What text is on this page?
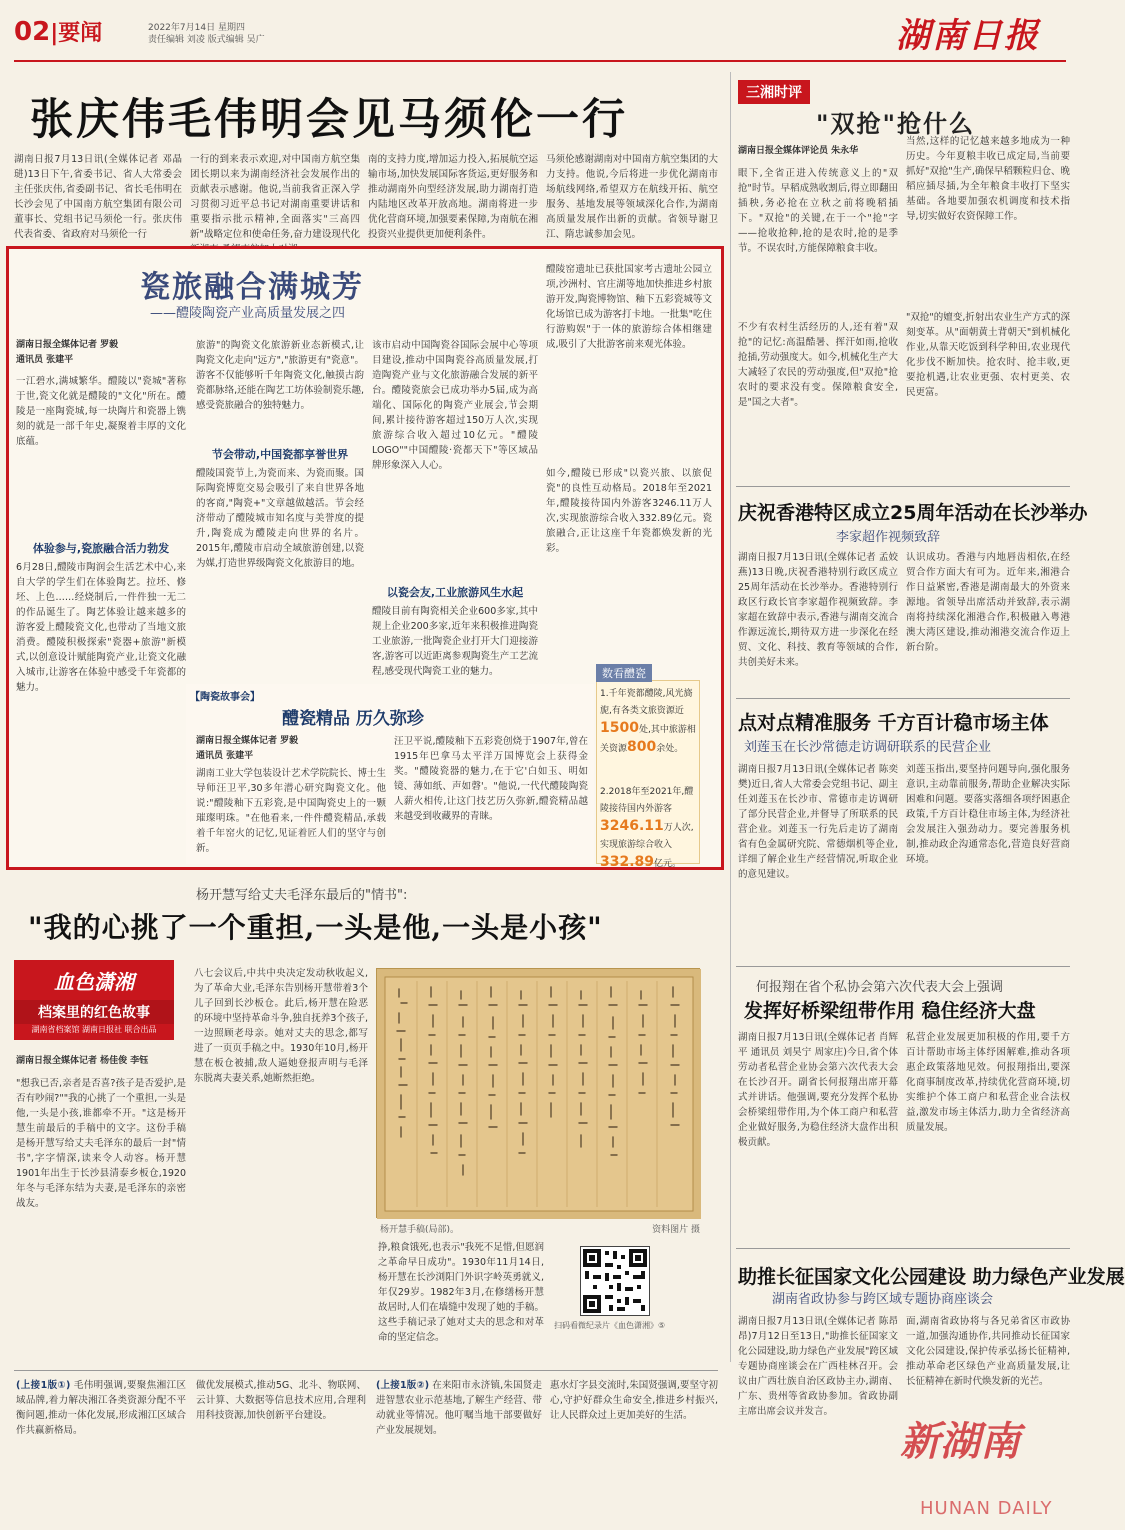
02|要闻	2022年7月14日 星期四
责任编辑 刘凌 版式编辑 吴广	湖南日报
张庆伟毛伟明会见马须伦一行
湖南日报7月13日讯(全媒体记者 邓晶琎)13日下午,省委书记、省人大常委会主任张庆伟,省委副书记、省长毛伟明在长沙会见了中国南方航空集团有限公司董事长、党组书记马须伦一行。张庆伟代表省委、省政府对马须伦一行
一行的到来表示欢迎,对中国南方航空集团长期以来为湖南经济社会发展作出的贡献表示感谢。他说,当前我省正深入学习贯彻习近平总书记对湖南重要讲话和重要指示批示精神,全面落实"三高四新"战略定位和使命任务,奋力建设现代化
南的支持力度,增加运力投入,拓展航空运输市场,加快发展国际客货运,更好服务和推动湖南外向型经济发展,助力湖南打造内陆地区改革开放高地。湖南将进一步优化营商环境,加强要素保障,为南航在湘投资兴业提供更加便利条件。
马须伦感谢湖南对中国南方航空集团的大力支持。他说,今后将进一步优化湖南市场航线网络,希望双方在航线开拓、航空服务、基地发展等领域深化合作,为湖南高质量发展作出新的贡献。省领导谢卫江、隋忠诚参加会见。
瓷旅融合满城芳
——醴陵陶瓷产业高质量发展之四
湖南日报全媒体记者 罗毅
通讯员 张建平
一江碧水,满城繁华。醴陵以"瓷城"著称于世,瓷文化就是醴陵的"文化"所在。醴陵是一座陶瓷城,每一块陶片和瓷器上镌刻的就是一部千年史,凝聚着丰厚的文化底蕴。
体验参与,瓷旅融合活力勃发
6月28日,醴陵市陶润会生活艺术中心,来自大学的学生们在体验陶艺。拉坯、修坯、上色……经烧制后,一件件独一无二的作品诞生了。陶艺体验让越来越多的游客爱上醴陵瓷文化,也带动了当地文旅消费。醴陵积极探索"瓷器+旅游"新模式,以创意设计赋能陶瓷产业,让瓷文化融入城市,让游客在体验中感受千年瓷都的魅力。
旅游"的陶瓷文化旅游新业态新模式,让陶瓷文化走向"远方","旅游更有"瓷意"。游客不仅能够听千年陶瓷文化,触摸古韵瓷都脉络,还能在陶艺工坊体验制瓷乐趣,感受瓷旅融合的独特魅力。
节会带动,中国瓷都享誉世界
醴陵国瓷节上,为瓷而来、为瓷而聚。国际陶瓷博览交易会吸引了来自世界各地的客商,"陶瓷+"文章越做越活。节会经济带动了醴陵城市知名度与美誉度的提升,陶瓷成为醴陵走向世界的名片。2015年,醴陵市启动全域旅游创建,以瓷为媒,打造世界级陶瓷文化旅游目的地。
该市启动中国陶瓷谷国际会展中心等项目建设,推动中国陶瓷谷高质量发展,打造陶瓷产业与文化旅游融合发展的新平台。醴陵瓷旅会已成功举办5届,成为高端化、国际化的陶瓷产业展会,节会期间,累计接待游客超过150万人次,实现旅游综合收入超过10亿元。"醴陵LOGO""中国醴陵·瓷都天下"等区域品牌形象深入人心。
以瓷会友,工业旅游风生水起
醴陵目前有陶瓷相关企业600多家,其中规上企业200多家,近年来积极推进陶瓷工业旅游,一批陶瓷企业打开大门迎接游客,游客可以近距离参观陶瓷生产工艺流程,感受现代陶瓷工业的魅力。
醴陵窑遗址已获批国家考古遗址公园立项,沙洲村、官庄湖等地加快推进乡村旅游开发,陶瓷博物馆、釉下五彩瓷城等文化场馆已成为游客打卡地。一批集"吃住行游购娱"于一体的旅游综合体相继建成,吸引了大批游客前来观光体验。
如今,醴陵已形成"以瓷兴旅、以旅促瓷"的良性互动格局。2018年至2021年,醴陵接待国内外游客3246.11万人次,实现旅游综合收入332.89亿元。瓷旅融合,正让这座千年瓷都焕发新的光彩。
【陶瓷故事会】
醴瓷精品 历久弥珍
湖南日报全媒体记者 罗毅
通讯员 张建平
湖南工业大学包装设计艺术学院院长、博士生导师汪卫平,30多年潜心研究陶瓷文化。他说:"醴陵釉下五彩瓷,是中国陶瓷史上的一颗璀璨明珠。"在他看来,一件件醴瓷精品,承载着千年窑火的记忆,见证着匠人们的坚守与创新。
汪卫平说,醴陵釉下五彩瓷创烧于1907年,曾在1915年巴拿马太平洋万国博览会上获得金奖。"醴陵瓷器的魅力,在于它'白如玉、明如镜、薄如纸、声如磬'。"他说,一代代醴陵陶瓷人薪火相传,让这门技艺历久弥新,醴瓷精品越来越受到收藏界的青睐。
数看醴瓷
1.千年瓷都醴陵,风光旖旎,有各类文旅资源近1500处,其中旅游相关资源800余处。
2.2018年至2021年,醴陵接待国内外游客3246.11万人次,实现旅游综合收入332.89亿元。
三湘时评
"双抢"抢什么
湖南日报全媒体评论员 朱永华
眼下,全省正进入传统意义上的"双抢"时节。早稻成熟收割后,得立即翻田插秧,务必抢在立秋之前将晚稻插下。"双抢"的关键,在于一个"抢"字——抢收抢种,抢的是农时,抢的是季节。不误农时,方能保障粮食丰收。
不少有农村生活经历的人,还有着"双抢"的记忆:高温酷暑、挥汗如雨,抢收抢插,劳动强度大。如今,机械化生产大大减轻了农民的劳动强度,但"双抢"抢农时的要求没有变。保障粮食安全,是"国之大者"。
当然,这样的记忆越来越多地成为一种历史。今年夏粮丰收已成定局,当前要抓好"双抢"生产,确保早稻颗粒归仓、晚稻应插尽插,为全年粮食丰收打下坚实基础。各地要加强农机调度和技术指导,切实做好农资保障工作。
"双抢"的嬗变,折射出农业生产方式的深刻变革。从"面朝黄土背朝天"到机械化作业,从靠天吃饭到科学种田,农业现代化步伐不断加快。抢农时、抢丰收,更要抢机遇,让农业更强、农村更美、农民更富。
庆祝香港特区成立25周年活动在长沙举办
李家超作视频致辞
湖南日报7月13日讯(全媒体记者 孟姣燕)13日晚,庆祝香港特别行政区成立25周年活动在长沙举办。香港特别行政区行政长官李家超作视频致辞。李家超在致辞中表示,香港与湖南交流合作源远流长,期待双方进一步深化在经贸、文化、科技、教育等领域的合作,共创美好未来。
认识成功。香港与内地唇齿相依,在经贸合作方面大有可为。近年来,湘港合作日益紧密,香港是湖南最大的外资来源地。省领导出席活动并致辞,表示湖南将持续深化湘港合作,积极融入粤港澳大湾区建设,推动湘港交流合作迈上新台阶。
点对点精准服务 千方百计稳市场主体
刘莲玉在长沙常德走访调研联系的民营企业
湖南日报7月13日讯(全媒体记者 陈奕樊)近日,省人大常委会党组书记、副主任刘莲玉在长沙市、常德市走访调研了部分民营企业,并督导了所联系的民营企业。刘莲玉一行先后走访了湖南省有色金属研究院、常德烟机等企业,详细了解企业生产经营情况,听取企业的意见建议。
刘莲玉指出,要坚持问题导向,强化服务意识,主动靠前服务,帮助企业解决实际困难和问题。要落实落细各项纾困惠企政策,千方百计稳住市场主体,为经济社会发展注入强劲动力。要完善服务机制,推动政企沟通常态化,营造良好营商环境。
何报翔在省个私协会第六次代表大会上强调
发挥好桥梁纽带作用 稳住经济大盘
湖南日报7月13日讯(全媒体记者 肖辉平 通讯员 刘昊宁 周家庄)今日,省个体劳动者私营企业协会第六次代表大会在长沙召开。副省长何报翔出席开幕式并讲话。他强调,要充分发挥个私协会桥梁纽带作用,为个体工商户和私营企业做好服务,为稳住经济大盘作出积极贡献。
私营企业发展更加积极的作用,要千方百计帮助市场主体纾困解难,推动各项惠企政策落地见效。何报翔指出,要深化商事制度改革,持续优化营商环境,切实维护个体工商户和私营企业合法权益,激发市场主体活力,助力全省经济高质量发展。
助推长征国家文化公园建设 助力绿色产业发展
湖南省政协参与跨区域专题协商座谈会
湖南日报7月13日讯(全媒体记者 陈昂昂)7月12日至13日,"助推长征国家文化公园建设,助力绿色产业发展"跨区域专题协商座谈会在广西桂林召开。会议由广西壮族自治区政协主办,湖南、广东、贵州等省政协参加。省政协副主席出席会议并发言。
面,湖南省政协将与各兄弟省区市政协一道,加强沟通协作,共同推动长征国家文化公园建设,保护传承弘扬长征精神,推动革命老区绿色产业高质量发展,让长征精神在新时代焕发新的光芒。
杨开慧写给丈夫毛泽东最后的"情书":
"我的心挑了一个重担,一头是他,一头是小孩"
血色潇湘
档案里的红色故事
湖南省档案馆 湖南日报社 联合出品
湖南日报全媒体记者 杨佳俊 李钰
"想我已否,亲者是否喜?孩子是否爱护,是否有吵闹?""我的心挑了一个重担,一头是他,一头是小孩,谁都牵不开。"这是杨开慧生前最后的手稿中的文字。这份手稿是杨开慧写给丈夫毛泽东的最后一封"情书",字字情深,读来令人动容。杨开慧1901年出生于长沙县清泰乡板仓,1920年冬与毛泽东结为夫妻,是毛泽东的亲密战友。
八七会议后,中共中央决定发动秋收起义,为了革命大业,毛泽东告别杨开慧带着3个儿子回到长沙板仓。此后,杨开慧在险恶的环境中坚持革命斗争,独自抚养3个孩子,一边照顾老母亲。她对丈夫的思念,都写进了一页页手稿之中。1930年10月,杨开慧在板仓被捕,敌人逼她登报声明与毛泽东脱离夫妻关系,她断然拒绝。
挣,粮食饿死,也表示"我死不足惜,但愿润之革命早日成功"。1930年11月14日,杨开慧在长沙浏阳门外识字岭英勇就义,年仅29岁。1982年3月,在修缮杨开慧故居时,人们在墙缝中发现了她的手稿。这些手稿记录了她对丈夫的思念和对革命的坚定信念。
杨开慧手稿(局部)。	资料图片 摄
扫码看微纪录片《血色潇湘》⑤
(上接1版①) 毛伟明强调,要聚焦湘江区域品牌,着力解决湘江各类资源分配不平衡问题,推动一体化发展,形成湘江区域合作共赢新格局。
做优发展模式,推动5G、北斗、物联网、云计算、大数据等信息技术应用,合理利用科技资源,加快创新平台建设。
(上接1版②) 在来阳市永济镇,朱国贤走进智慧农业示范基地,了解生产经营、带动就业等情况。他叮嘱当地干部要做好产业发展规划。
惠水灯字县交流时,朱国贤强调,要坚守初心,守护好群众生命安全,推进乡村振兴,让人民群众过上更加美好的生活。
新湖南
HUNAN DAILY
